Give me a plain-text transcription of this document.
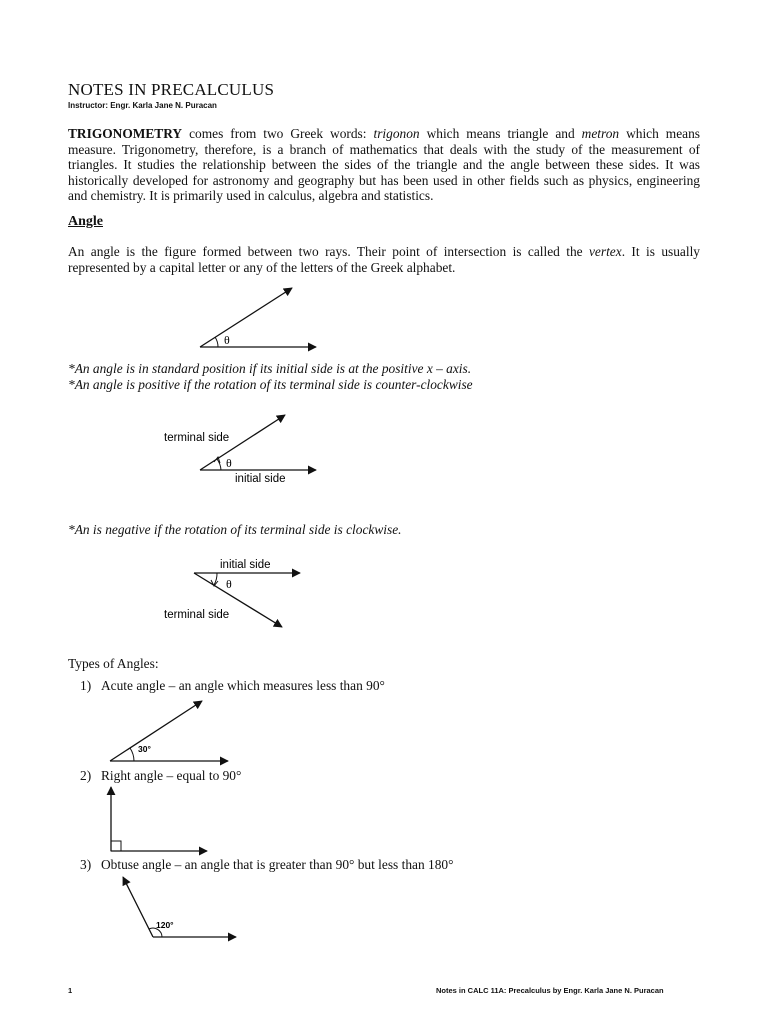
NOTES IN PRECALCULUS
Instructor: Engr. Karla Jane N. Puracan
TRIGONOMETRY comes from two Greek words: trigonon which means triangle and metron which means measure. Trigonometry, therefore, is a branch of mathematics that deals with the study of the measurement of triangles. It studies the relationship between the sides of the triangle and the angle between these sides. It was historically developed for astronomy and geography but has been used in other fields such as physics, engineering and chemistry. It is primarily used in calculus, algebra and statistics.
Angle
An angle is the figure formed between two rays. Their point of intersection is called the vertex. It is usually represented by a capital letter or any of the letters of the Greek alphabet.
*An angle is in standard position if its initial side is at the positive x – axis.
*An angle is positive if the rotation of its terminal side is counter-clockwise
*An is negative if the rotation of its terminal side is clockwise.
Types of Angles:
1) Acute angle – an angle which measures less than 90°
2) Right angle – equal to 90°
3) Obtuse angle – an angle that is greater than 90° but less than 180°
θ
θ
terminal side
initial side
θ
initial side
terminal side
30°
120°
1	Notes in CALC 11A: Precalculus by Engr. Karla Jane N. Puracan
